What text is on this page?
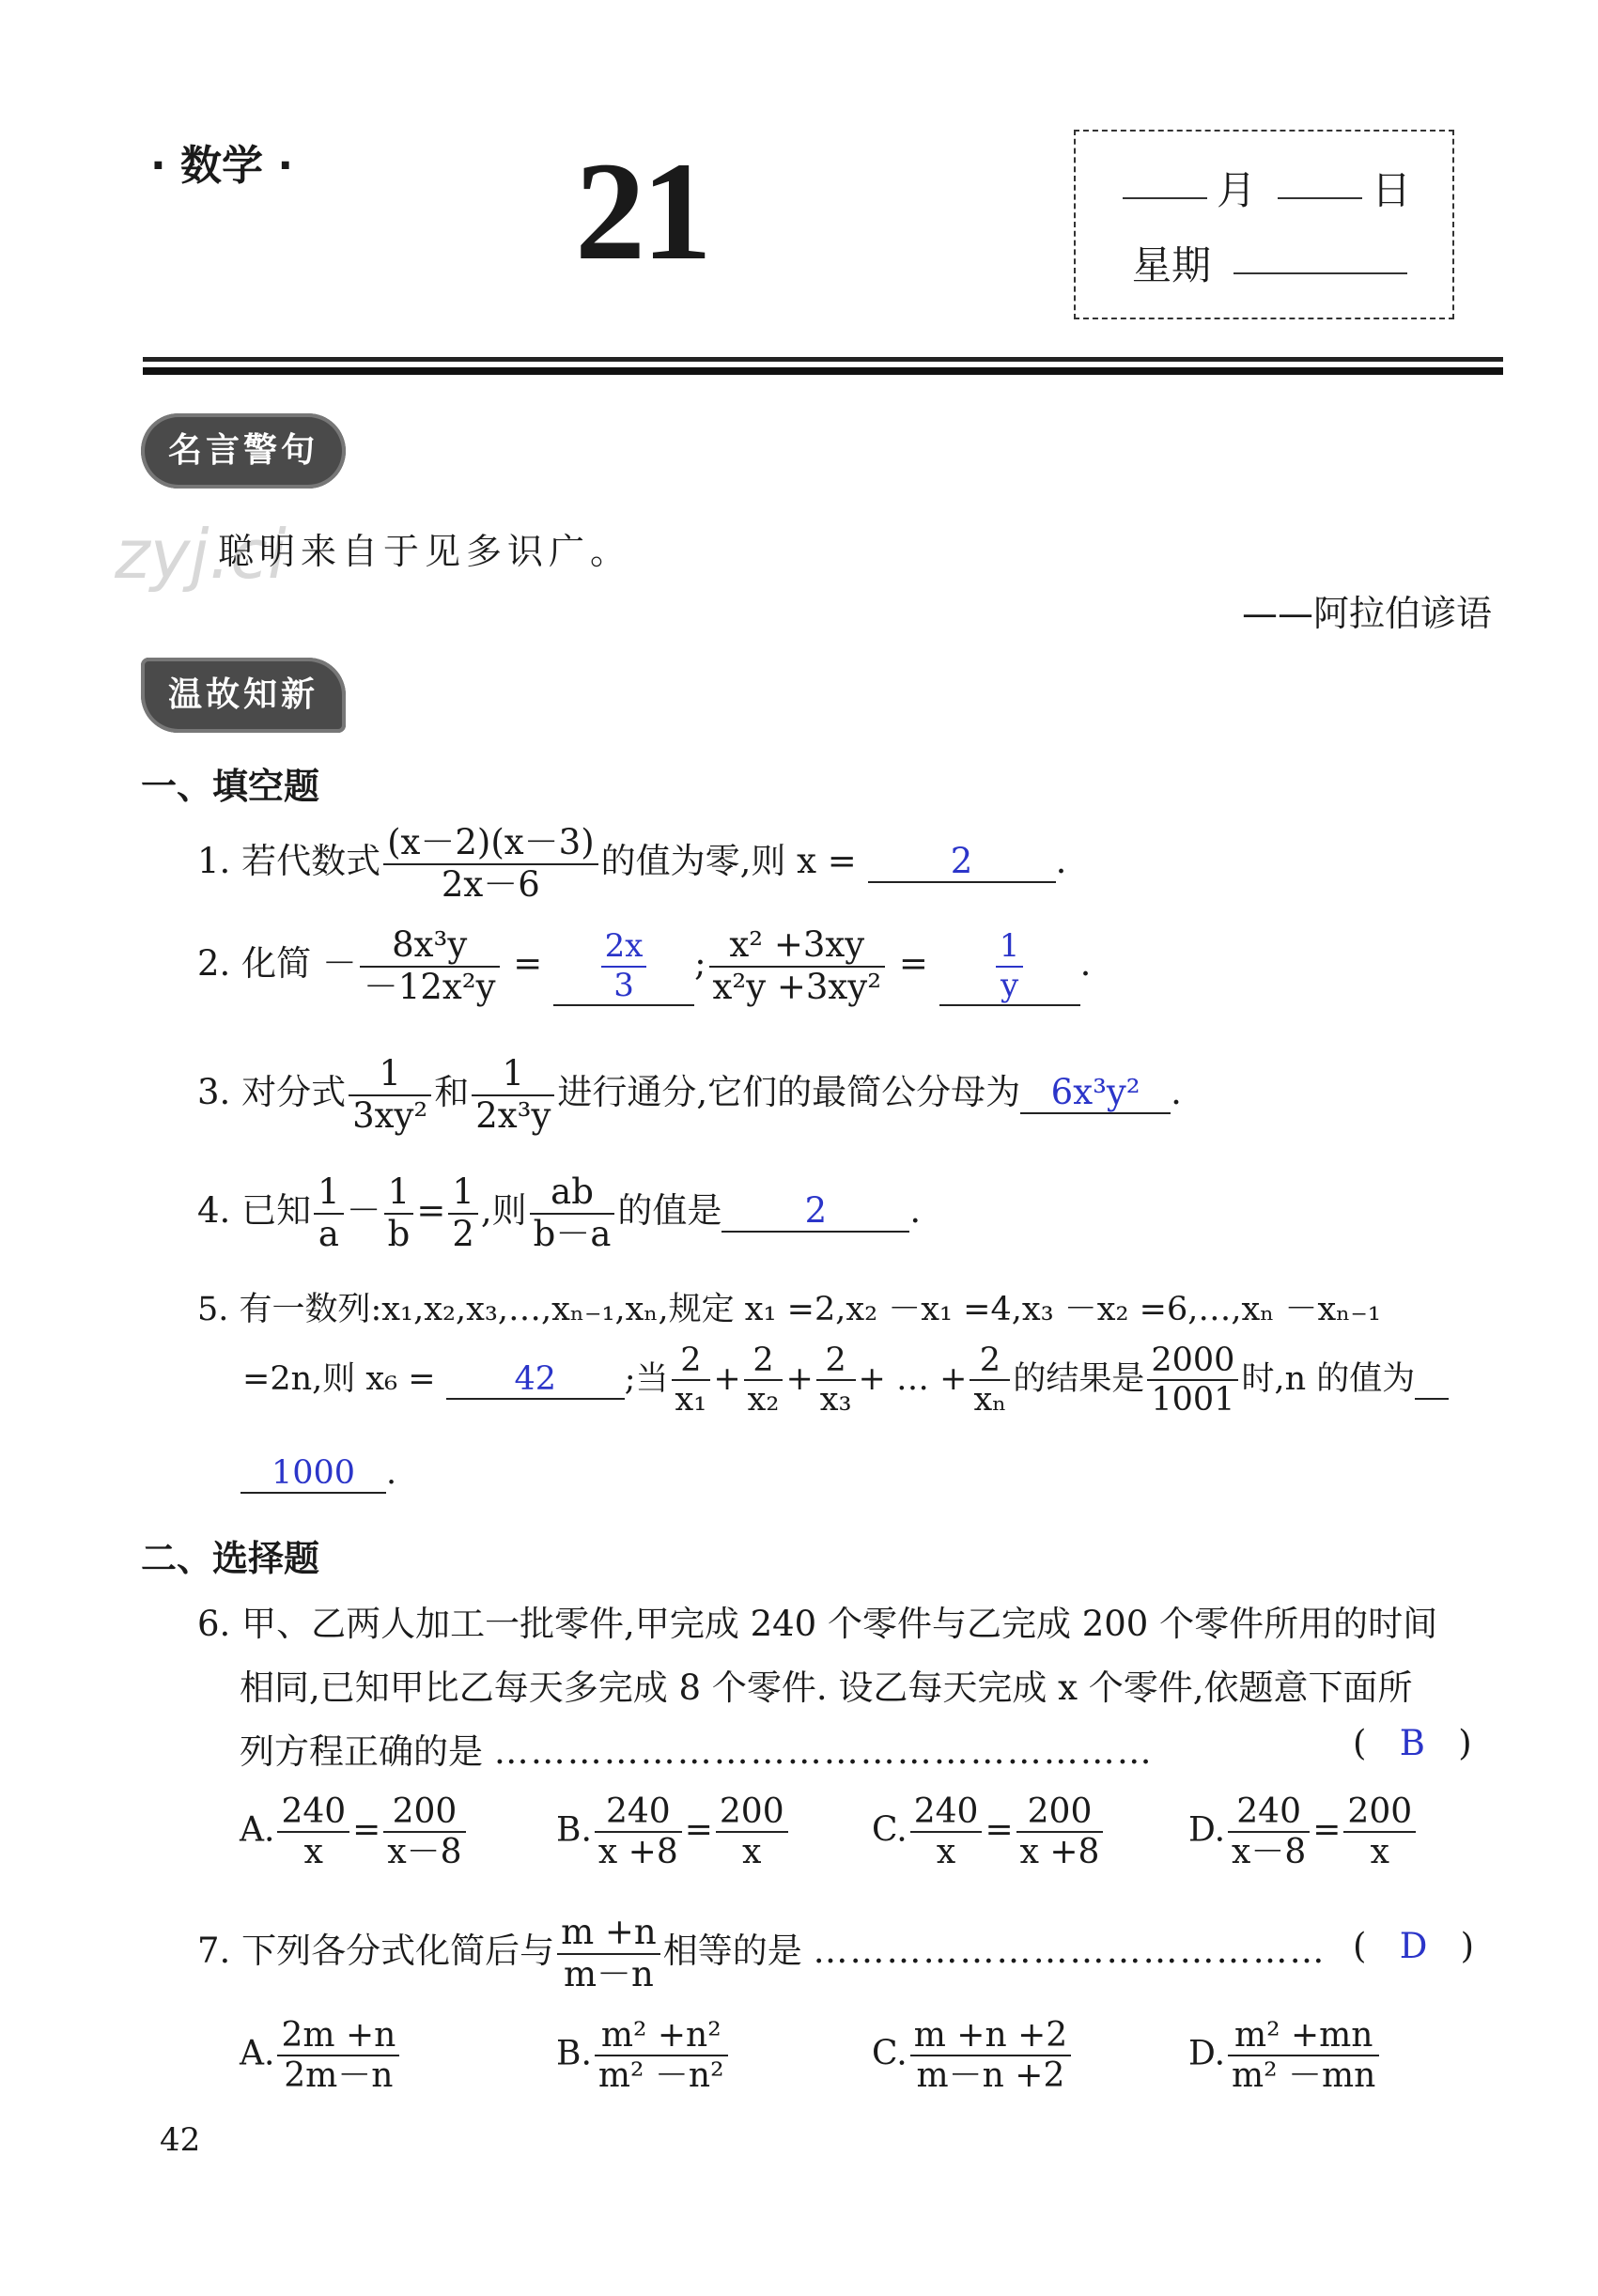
· 数学 · 21	月	日
星期
名言警句
zyj.ci
聪明来自于见多识广。
——阿拉伯谚语
温故知新
一、填空题
1. 若代数式 $\frac{(x-2)(x-3)}{2x-6}$ 的值为零,则 x =	2 .
2. 化简 － $\frac{\text{8x³y}}{\text{－12x²y}} = \frac{2x}{3}$ ; $\frac{\text{x² +3xy}}{\text{x²y +3xy²}} = \frac{1}{y}$ .
3. 对分式 $\frac{1}{\text{3xy²}}$ 和 $\frac{1}{\text{2x³y}}$ 进行通分,它们的最简公分母为 6x³y² .
4. 已知 $\frac{1}{a} - \frac{1}{b} = \frac{1}{2}$ ,则 $\frac{ab}{b-a}$ 的值是 2 .
5. 有一数列:x₁,x₂,x₃,…,xₙ₋₁,xₙ,规定 x₁ =2,x₂ －x₁ =4,x₃ －x₂ =6,…,xₙ －xₙ₋₁
=2n,则 x₆ = 42 ;当 $\frac{2}{\text{x₁}} + \frac{2}{\text{x₂}} + \frac{2}{\text{x₃}}$ + … + $\frac{2}{\text{xₙ}}$ 的结果是 $\frac{2000}{1001}$ 时,n 的值为
1000 .
二、选择题
6. 甲、乙两人加工一批零件,甲完成 240 个零件与乙完成 200 个零件所用的时间
相同,已知甲比乙每天多完成 8 个零件. 设乙每天完成 x 个零件,依题意下面所
列方程正确的是 ………………………………………………	(   B   )
A. $\frac{240}{x} = \frac{200}{x-8}$	B. $\frac{240}{x +8} = \frac{200}{x} C$. $\frac{240}{x} = \frac{200}{x +8}$	D. $\frac{240}{x-8} = \frac{200}{x}$
7. 下列各分式化简后与 $\frac{m +n}{m-n}$ 相等的是 …………………………………… (   D   )
A. $\frac{2m +n}{2m-n}$	B. $\frac{\text{m² +n²}}{\text{m² －n²}}$	C. $\frac{m +n +2}{m-n +2}$	D. $\frac{\text{m² +mn}}{\text{m² －mn}}$
42
